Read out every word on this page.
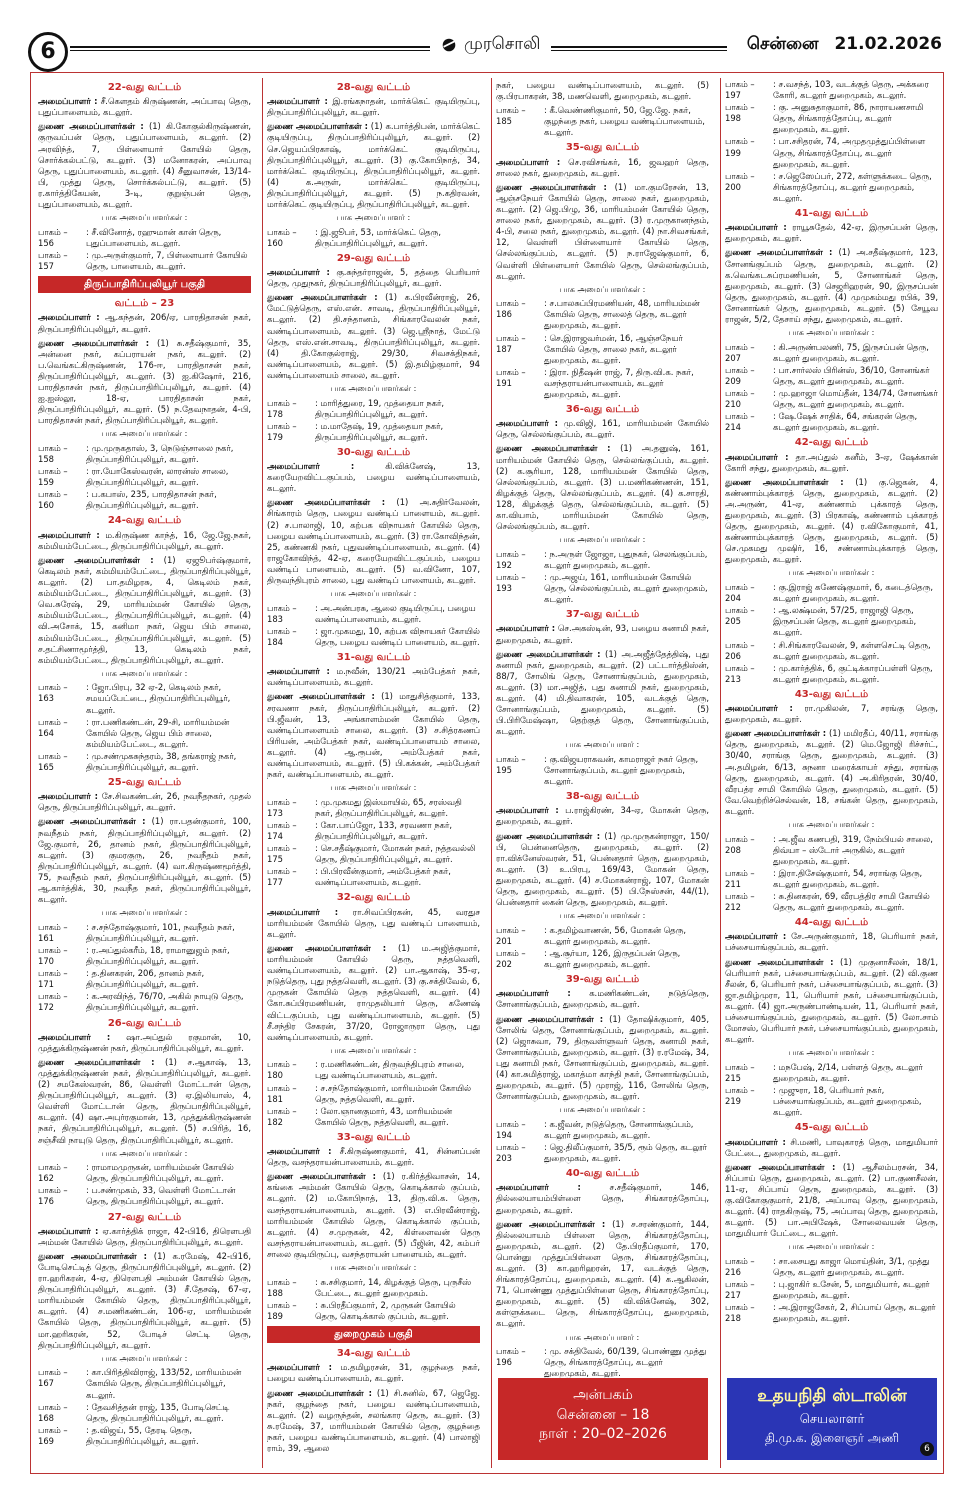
6	முரசொலி	சென்னை 21.02.2026
22-வது வட்டம்
அமைப்பாளர் : சீ.கௌதம் கிருஷ்ணன், அப்பாவு தெரு, புதுப்பாளையம், கடலூர்.
துணை அமைப்பாளர்கள் : (1) கி.கோகுல்கிருஷ்ணன், குருவப்பன் தெரு, புதுப்பாளையம், கடலூர். (2) அரவிந்த், 7, பிள்ளையார் கோயில் தெரு, சொர்க்கல்பட்டு, கடலூர். (3) மனோகரன், அப்பாவு தெரு, புதுப்பாளையம், கடலூர். (4) சீனுவாசன், 13/14-பி, முத்து தெரு, சொர்க்கல்பட்டு, கடலூர். (5) ர.கார்த்திகேயன், 3-டி, குறுஞ்பன் தெரு, புதுப்பாளையம், கடலூர்.
பாக அமைப்பாளர்கள் :
பாகம் – 156
: சீ.வினோத், ரஹுமான் கான் தெரு, புதுப்பாளையம், கடலூர்.
பாகம் – 157
: மு.அருள்குமார், 7, பிள்ளையார் கோயில் தெரு, பாளையம், கடலூர்.
திருப்பாதிரிப்புலியூர் பகுதி
வட்டம் – 23
அமைப்பாளர் : ஆ.கந்தன், 206/ஏ, பாரதிதாசன் நகர், திருப்பாதிரிப்புலியூர், கடலூர்.
துணை அமைப்பாளர்கள் : (1) சு.சதீஷ்குமார், 35, அன்னை நகர், கப்பராயன் நகர், கடலூர். (2) ப.வெங்கட்கிருஷ்ணன், 176-ஈ, பாரதிதாசன் நகர், திருப்பாதிரிப்புலியூர், கடலூர். (3) ஐ.கிஷோர், 216, பாரதிதாசன் நகர், திருப்பாதிரிப்புலியூர், கடலூர். (4) ஐ.ஐஸ்லூ, 18-ஏ, பாரதிதாசன் நகர், திருப்பாதிரிப்புலியூர், கடலூர். (5) ந.தேவநாதன், 4-பி, பாரதிதாசன் நகர், திருப்பாதிரிப்புலியூர், கடலூர்.
பாக அமைப்பாளர்கள் :
பாகம் – 158
: மு.முருகதாஸ், 3, நெடுஞ்சாலை நகர், திருப்பாதிரிப்புலியூர், கடலூர்.
பாகம் – 159
: ரா.யோகேஸ்வரன், லாரன்ஸ் சாலை, திருப்பாதிரிப்புலியூர், கடலூர்.
பாகம் – 160
: ப.கபாஸ், 235, பாரதிதாசன் நகர், திருப்பாதிரிப்புலியூர், கடலூர்.
24-வது வட்டம்
அமைப்பாளர் : ம.கிருஷ்ண காந்த், 16, ஜே.ஜே.நகர், கம்மியம்பேட்டை, திருப்பாதிரிப்புலியூர், கடலூர்.
துணை அமைப்பாளர்கள் : (1) ஏஜூபர்ஷ்குமார், கெடிலம் நகர், கம்மியம்பேட்டை, திருப்பாதிரிப்புலியூர், கடலூர். (2) பா.தமிழரசு, 4, கெடிலம் நகர், கம்மியம்பேட்டை, திருப்பாதிரிப்புலியூர், கடலூர். (3) வெ.சுரேஷ், 29, மாரியம்மன் கோயில் தெரு, கம்மியம்பேட்டை, திருப்பாதிரிப்புலியூர், கடலூர். (4) வி.அசோக், 15, கனிமா நகர், ஜெய பிம் சாலை, கம்மியம்பேட்டை, திருப்பாதிரிப்புலியூர், கடலூர். (5) ச.தட்சிணாமூர்த்தி, 13, கெடிலம் நகர், கம்மியம்பேட்டை, திருப்பாதிரிப்புலியூர், கடலூர்.
பாக அமைப்பாளர்கள் :
பாகம் – 163
: ஜோ.பிரபு, 32 ஏ-2, கெடிலம் நகர், சமயப்பேட்டை, திருப்பாதிரிப்புலியூர், கடலூர்.
பாகம் – 164
: ரா.பணிகண்டன், 29-சி, மாரியம்மன் கோயில் தெரு, ஜெய பிம் சாலை, கம்மியம்பேட்டை, கடலூர்.
பாகம் – 165
: மு.சண்முகசுந்தரம், 38, தங்கராஜ் நகர், திருப்பாதிரிப்புலியூர், கடலூர்.
25-வது வட்டம்
அமைப்பாளர் : சே.சிவகண்டன், 26, நவநீதநகர், முதல் தெரு, திருப்பாதிரிப்புலியூர், கடலூர்.
துணை அமைப்பாளர்கள் : (1) ரா.பதன்குமார், 100, நவநீதம் நகர், திருப்பாதிரிப்புலியூர், கடலூர். (2) ஜே.குமார், 26, தானம் நகர், திருப்பாதிரிப்புலியூர், கடலூர். (3) குமரகுரு, 26, நவநீதம் நகர், திருப்பாதிரிப்புலியூர், கடலூர். (4) வா.கிருஷ்ணமூர்த்தி, 75, நவநீதம் நகர், திருப்பாதிரிப்புலியூர், கடலூர். (5) ஆ.கார்த்திக், 30, நவநீத நகர், திருப்பாதிரிப்புலியூர், கடலூர்.
பாக அமைப்பாளர்கள் :
பாகம் – 161
: ச.சந்தோஷ்குமார், 101, நவநீதம் நகர், திருப்பாதிரிப்புலியூர், கடலூர்.
பாகம் – 170
: ர.அப்துல்கரீம், 18, ராமானுஜம் நகர், திருப்பாதிரிப்புலியூர், கடலூர்.
பாகம் – 171
: த.தினகரன், 206, தானம் நகர், திருப்பாதிரிப்புலியூர், கடலூர்.
பாகம் – 172
: க.அரவிந்த், 76/70, அகில் நாயுடு தெரு, திருப்பாதிரிப்புலியூர், கடலூர்.
26-வது வட்டம்
அமைப்பாளர் : ஷா.அப்துல் ரகுமான், 10, முத்துக்கிருஷ்ணன் நகர், திருப்பாதிரிப்புலியூர், கடலூர்.
துணை அமைப்பாளர்கள் : (1) ச.ஆகாஷ், 13, முத்துக்கிருஷ்ணன் நகர், திருப்பாதிரிப்புலியூர், கடலூர். (2) சமகேஸ்வரன், 86, வெள்ளி மோட்டான் தெரு, திருப்பாதிரிப்புலியூர், கடலூர். (3) ஏ.இலியாஸ், 4, வெள்ளி மோட்டான் தெரு, திருப்பாதிரிப்புலியூர், கடலூர். (4) ஷா.அபுர்ரகுமான், 13, முத்துக்கிருஷ்ணன் நகர், திருப்பாதிரிப்புலியூர், கடலூர். (5) ச.பிரித், 16, சஞ்சீவி நாயுடு தெரு, திருப்பாதிரிப்புலியூர், கடலூர்.
பாக அமைப்பாளர்கள் :
பாகம் – 162
: ராமாமமுருகன், மாரியம்மன் கோயில் தெரு, திருப்பாதிரிப்புலியூர், கடலூர்.
பாகம் – 176
: ப.சண்முகம், 33, வெள்ளி மோட்டான் தெரு, திருப்பாதிரிப்புலியூர், கடலூர்.
27-வது வட்டம்
அமைப்பாளர் : ஏ.கார்த்திக் ராஜா, 42-பி16, திரௌபதி அம்மன் கோயில் தெரு, திருப்பாதிரிப்புலியூர், கடலூர்.
துணை அமைப்பாளர்கள் : (1) க.ரமேஷ், 42-பி16, போடிசெட்டித் தெரு, திருப்பாதிரிப்புலியூர், கடலூர். (2) ரா.ஹரிகரன், 4-ஏ, திரௌபதி அம்மன் கோயில் தெரு, திருப்பாதிரிப்புலியூர், கடலூர். (3) சீ.தேசஷ், 67-ஏ, மாரியம்மன் கோயில் தெரு, திருப்பாதிரிப்புலியூர், கடலூர். (4) ச.மணிகண்டன், 106-ஏ, மாரியம்மன் கோயில் தெரு, திருப்பாதிரிப்புலியூர், கடலூர். (5) மா.ஹரிகரன், 52, போடிச் செட்டி தெரு, திருப்பாதிரிப்புலியூர், கடலூர்.
பாக அமைப்பாளர்கள் :
பாகம் – 167
: கா.பிரித்திவிராஜ், 133/52, மாரியம்மன் கோயில் தெரு, திருப்பாதிரிப்புலியூர், கடலூர்.
பாகம் – 168
: தேவசித்தன் ராஜ், 135, போடிசெட்டி தெரு, திருப்பாதிரிப்புலியூர், கடலூர்.
பாகம் – 169
: த.விஜய், 55, தேரடி தெரு, திருப்பாதிரிப்புலியூர், கடலூர்.
28-வது வட்டம்
அமைப்பாளர் : இ.ரங்கநாதன், மார்க்கெட் குடியிருப்பு, திருப்பாதிரிப்புலியூர், கடலூர்.
துணை அமைப்பாளர்கள் : (1) க.பார்த்திபன், மார்க்கெட் குடியிருப்பு, திருப்பாதிரிப்புலியூர், கடலூர். (2) செ.ஜெயப்பிரகாஷ், மார்க்கெட் குடியிருப்பு, திருப்பாதிரிப்புலியூர், கடலூர். (3) கு.கோபிநாத், 34, மார்க்கெட் குடியிருப்பு, திருப்பாதிரிப்புலியூர், கடலூர். (4) க.அருள், மார்க்கெட் குடியிருப்பு, திருப்பாதிரிப்புலியூர், கடலூர். (5) ந.கதிரவன், மார்க்கெட் குடியிருப்பு, திருப்பாதிரிப்புலியூர், கடலூர்.
பாக அமைப்பாளர் :
பாகம் – 160
: இ.ஜூபர், 53, மார்க்கெட் தெரு, திருப்பாதிரிப்புலியூர், கடலூர்.
29-வது வட்டம்
அமைப்பாளர் : கு.சுந்தர்ராஜன், 5, தத்தை பெரியார் தெரு, முதுநகர், திருப்பாதிரிப்புலியூர், கடலூர்.
துணை அமைப்பாளர்கள் : (1) க.பிரவீன்ராஜ், 26, மேட்டுத்தெரு, எஸ்.என். சாவடி, திருப்பாதிரிப்புலியூர், கடலூர். (2) தி.சந்தானம், சிங்காரவேலன் நகர், வண்டிப்பாளையம், கடலூர். (3) ஜெ.ஶ்ரீநாத், மேட்டு தெரு, எஸ்.என்.சாவடி, திருப்பாதிரிப்புலியூர், கடலூர். (4) தி.கோகுல்ராஜ், 29/30, சிவசக்திநகர், வண்டிப்பாளையம், கடலூர். (5) இ.தமிழ்குமார், 94 வண்டிப்பாளையம் சாலை, கடலூர்.
பாக அமைப்பாளர்கள் :
பாகம் – 178
: மாரித்துரை, 19, முத்தையா நகர், திருப்பாதிரிப்புலியூர், கடலூர்.
பாகம் – 179
: ம.மாதேஷ், 19, முத்தையா நகர், திருப்பாதிரிப்புலியூர், கடலூர்.
30-வது வட்டம்
அமைப்பாளர் :	கி.விக்னேஷ், 13, கரையேறவிட்டகுப்பம், பழைய வண்டிப்பாளையம், கடலூர்.
துணை அமைப்பாளர்கள் : (1) அ.சுதிர்வேலன், சிங்காரம் தெரு, பழைய வண்டிப் பாளையம், கடலூர். (2) ச.பாலாஜி, 10, கற்பக விநாயகர் கோயில் தெரு, பழைய வண்டிப்பாளையம், கடலூர். (3) ரா.கோவிந்தன், 25, கண்ணகி நகர், புதுவண்டிப்பாளையம், கடலூர். (4) ராஜகோவிந்த், 42-ஏ, கரையேறவிட்டகுப்பம், பழைய வண்டிப் பாளையம், கடலூர். (5) வ.வினோ, 107, திருவந்திபுரம் சாலை, புது வண்டிப் பாளையம், கடலூர்.
பாக அமைப்பாளர்கள் :
பாகம் – 183
: அ.அன்பரசு, ஆலை குடியிருப்பு, பழைய வண்டிப்பாளையம், கடலூர்.
பாகம் – 184
: ஜா.முகமது, 10, கற்பக விநாயகர் கோயில் தெரு, பழைய வண்டிப் பாளையம், கடலூர்.
31-வது வட்டம்
அமைப்பாளர் : ம.நவீன், 130/21 அம்பேத்கர் நகர், வண்டிப்பாளையம், கடலூர்.
துணை அமைப்பாளர்கள் : (1) மாதுசித்குமார், 133, சரவணா நகர், திருப்பாதிரிப்புலியூர், கடலூர். (2) பி.ஜீவன், 13, அங்காளம்மன் கோயில் தெரு, வண்டிப்பாளையம் சாலை, கடலூர். (3) ச.சித்ரகணப் பிரியன், அம்பேத்கர் நகர், வண்டிப்பாளையம் சாலை, கடலூர். (4) ஆ.ரூபன், அம்பேத்கர் நகர், வண்டிப்பாளையம், கடலூர். (5) பி.கக்கன், அம்பேத்கர் நகர், வண்டிப்பாளையம், கடலூர்.
பாக அமைப்பாளர்கள் :
பாகம் – 173
: மு.முகமது இஸ்மாயில், 65, சரஸ்வதி நகர், திருப்பாதிரிப்புலியூர், கடலூர்.
பாகம் – 174
: கோ.பாப்ஜோ, 133, சரவணா நகர், திருப்பாதிரிப்புலியூர், கடலூர்.
பாகம் – 175
: செ.சதீஷ்குமார், மோகன் நகர், நத்தவல்லி தெரு, திருப்பாதிரிப்புலியூர், கடலூர்.
பாகம் – 177
: பி.பிரவீன்குமார், அம்பேத்கர் நகர், வண்டிப்பாளையம், கடலூர்.
32-வது வட்டம்
அமைப்பாளர் : ரா.சிவப்பிரகன், 45, வரதுச மாரியம்மன் கோயில் தெரு, புது வண்டிப் பாளையம், கடலூர்.
துணை அமைப்பாளர்கள் : (1) ம.அஜித்குமார், மாரியம்மன் கோயில் தெரு, நத்தவெளி, வண்டிப்பாளையம், கடலூர். (2) பா.ஆகாஷ், 35-ஏ, நடுத்தெரு, புது நத்தவெளி, கடலூர். (3) கு.சக்திவேல், 6, முருகன் கோயில் தெரு நத்தவெளி, கடலூர். (4) கோ.சுப்பிரமணியன், ராமுதலியார் தெரு, கணேஷ் விட்டகுப்பம், புது வண்டிப்பாளையம், கடலூர். (5) சீ.சந்திர சேகரன், 37/20, ரோஜாருரா தெரு, புது வண்டிப்பாளையம், கடலூர்.
பாக அமைப்பாளர்கள் :
பாகம் – 180
: ர.மணிகண்டன், திருவந்திபுரம் சாலை, புது வண்டிப்பாளையம், கடலூர்.
பாகம் – 181
: ச.சந்தோஷ்குமார், மாரியம்மன் கோயில் தெரு, நத்தவெளி, கடலூர்.
பாகம் – 182
: லோ.ஞானகுமார், 43, மாரியம்மன் கோயில் தெரு, நத்தவெளி, கடலூர்.
33-வது வட்டம்
அமைப்பாளர் : சீ.கிருஷ்ணகுமார், 41, சின்னப்பன் தெரு, வசந்தராயன்பாளையம், கடலூர்.
துணை அமைப்பாளர்கள் : (1) ர.கிர்த்திவாசன், 14, கங்கை அம்மன் கோயில் தெரு, கொடிக்கால் குப்பம், கடலூர். (2) ம.கோபிநாத், 13, திரு.வி.க. தெரு, வசந்தராயன்பாளையம், கடலூர். (3) எ.பிரவீன்ராஜ், மாரியம்மன் கோயில் தெரு, கொடிக்கால் குப்பம், கடலூர். (4) ச.முருகன், 42, கிள்ளைவன் தெரு வசந்தராயன்பாளையம், கடலூர். (5) பீஜின், 42, கம்பர் சாலை குடியிருப்பு, வசந்தராயன் பாளையம், கடலூர்.
பாக அமைப்பாளர்கள் :
பாகம் – 188
: சு.சசிகுமார், 14, கிழக்குத் தெரு, புருசீஸ் பேட்டை, கடலூர் துறைமுகம்.
பாகம் – 189
: சு.பிரதீப்குமார், 2, முருகன் கோயில் தெரு, கொடிக்கால் குப்பம், கடலூர்.
துறைமுகம் பகுதி
34-வது வட்டம்
அமைப்பாளர் : ம.தமிழரசன், 31, குழந்தை நகர், பழைய வண்டிப்பாளையம், கடலூர்.
துணை அமைப்பாளர்கள் : (1) சி.சுனில், 67, ஜெஜே. நகர், குழந்தை நகர், பழைய வண்டிப்பாளையம், கடலூர். (2) வழருந்தன், சலங்கார தெரு, கடலூர். (3) சு.ரமேஷ், 37, மாரியம்மன் கோயில் தெரு, குழந்தை நகர், பழைய வண்டிப்பாளையம், கடலூர். (4) பாலாஜி ராம், 39, ஆலை
நகர், பழைய வண்டிப்பாளையம், கடலூர். (5) கு.பிரபாகரன், 38, மணவெளி, துறைமுகம், கடலூர்.
பாகம் – 185
: கீ.வெண்ணிகுமார், 50, ஜே.ஜே. நகர், குழந்தை நகர், பழைய வண்டிப்பாளையம், கடலூர்.
35-வது வட்டம்
அமைப்பாளர் : செ.ரவிசங்கர், 16, ஜவஹர் தெரு, சாலை நகர், துறைமுகம், கடலூர்.
துணை அமைப்பாளர்கள் : (1) மா.குமரேசன், 13, ஆஞ்சநேயர் கோயில் தெரு, சாலை நகர், துறைமுகம், கடலூர். (2) ஜெ.பிழு, 36, மாரியம்மன் கோயில் தெரு, சாலை நகர், துறைமுகம், கடலூர். (3) ர.முருகானந்தம், 4-பி, சலை நகர், துறைமுகம், கடலூர். (4) நா.சிவசங்கர், 12, வெள்ளி பிள்ளையார் கோயில் தெரு, செல்லங்குப்பம், கடலூர். (5) ந.ராஜேஷ்குமார், 6, வெள்ளி பிள்ளையார் கோயில் தெரு, செல்லங்குப்பம், கடலூர்.
பாக அமைப்பாளர்கள் :
பாகம் – 186
: ச.பாலசுப்பிரமணியன், 48, மாரியம்மன் கோயில் தெரு, சாலைத் தெரு, கடலூர் துறைமுகம், கடலூர்.
பாகம் – 187
: செ.இராஜவர்மன், 16, ஆஞ்சநேயர் கோயில் தெரு, சாலை நகர், கடலூர் துறைமுகம், கடலூர்.
பாகம் – 191
: இரா. நிதீஷன் ராஜ், 7, திரு.வி.க. நகர், வசந்தராயன்பாளையம், கடலூர் துறைமுகம், கடலூர்.
36-வது வட்டம்
அமைப்பாளர் : மு.விஜி, 161, மாரியம்மன் கோயில் தெரு, செல்லங்குப்பம், கடலூர்.
துணை அமைப்பாளர்கள் : (1) அ.தனுஷ், 161, மாரியம்மன் கோயில் தெரு, செல்லங்குப்பம், கடலூர். (2) க.சூரியா, 128, மாரியம்மன் கோயில் தெரு, செல்லங்குப்பம், கடலூர். (3) ப.மணிகண்ணன், 151, கிழக்குத் தெரு, செல்லங்குப்பம், கடலூர். (4) க.சாரதி, 128, கிழக்குத் தெரு, செல்லங்குப்பம், கடலூர். (5) கா.வியாம், மாரியம்மன் கோயில் தெரு, செல்லங்குப்பம், கடலூர்.
பாக அமைப்பாளர்கள் :
பாகம் – 192
: ந.அருள் ஜோஜா, புதுநகர், செலங்குப்பம், கடலூர் துறைமுகம், கடலூர்.
பாகம் – 193
: மு.அஜய், 161, மாரியம்மன் கோயில் தெரு, செல்லங்குப்பம், கடலூர் துறைமுகம், கடலூர்.
37-வது வட்டம்
அமைப்பாளர் : செ.அகஸ்டின், 93, பழைய சுனாமி நகர், துறைமுகம், கடலூர்.
துணை அமைப்பாளர்கள் : (1) அ.அஜீத்தேத்திஷ், புது சுனாமி நகர், துறைமுகம், கடலூர். (2) பட்டார்த்திஸ்ன், 88/7, சோலிங் தெரு, சோனாங்குப்பம், துறைமுகம், கடலூர். (3) மா.அஜித், புது சுனாமி நகர், துறைமுகம், கடலூர். (4) மி.திவாகரன், 105, வடக்குத் தெரு, சோனாங்குப்பம், துறைமுகம், கடலூர். (5) பி.பிரிமேஷ்ஷா, தெற்குத் தெரு, சோனாங்குப்பம், கடலூர்.
பாக அமைப்பாளர் :
பாகம் – 195
: கு.விஜயராகவன், காமராஜர் நகர் தெரு, சோனாங்குப்பம், கடலூர் துறைமுகம், கடலூர்.
38-வது வட்டம்
அமைப்பாளர் : ப.ராஜ்கிரண், 34-ஏ, மோகன் தெரு, துறைமுகம், கடலூர்.
துணை அமைப்பாளர்கள் : (1) மு.முருகன்ராஜா, 150/பி, பென்னைதெரு, துறைமுகம், கடலூர். (2) ரா.விக்னேஸ்வரன், 51, பென்னதார் தெரு, துறைமுகம், கடலூர். (3) உ.பிரபு, 169/43, மோகன் தெரு, துறைமுகம், கடலூர். (4) ச.மோகன்ராஜ், 107, மோகன் தெரு, துறைமுகம், கடலூர். (5) பி.நேஸ்சன், 44/(1), பென்னதார் கைன் தெரு, துறைமுகம், கடலூர்.
பாக அமைப்பாளர்கள் :
பாகம் – 201
: க.தமிழ்வாணன், 56, மோகன் தெரு, கடலூர் துறைமுகம், கடலூர்.
பாகம் – 202
: ஆ.சூர்யா, 126, இருதப்பன் தெரு, கடலூர் துறைமுகம், கடலூர்.
39-வது வட்டம்
அமைப்பாளர் : க.மணிகண்டன், நடுத்தெரு, சோனாங்குப்பம், துறைமுகம், கடலூர்.
துணை அமைப்பாளர்கள் : (1) தோஷிக்குமார், 405, சோலிங் தெரு, சோனாங்குப்பம், துறைமுகம், கடலூர். (2) ஜொசுவா, 79, திருவள்ளுவர் தெரு, சுனாமி நகர், சோனாங்குப்பம், துறைமுகம், கடலூர். (3) ர.ரமேஷ், 34, புது சுனாமி நகர், சோனாங்குப்பம், துறைமுகம், கடலூர். (4) கா.சுமித்ராஜ், மகாத்மா காந்தி நகர், சோனாங்குப்பம், துறைமுகம், கடலூர். (5) முராஜ், 116, சோலிங் தெரு, சோனாங்குப்பம், துறைமுகம், கடலூர்.
பாக அமைப்பாளர்கள் :
பாகம் – 194
: க.ஜீவன், நடுத்தெரு, சோனாங்குப்பம், கடலூர் துறைமுகம், கடலூர்.
பாகம் – 203
: ஜெ.திலீப்குமார், 35/5, ரூம் தெரு, கடலூர் துறைமுகம், கடலூர்.
40-வது வட்டம்
அமைப்பாளர் :	ச.சதீஷ்குமார், 146, தில்லையாயம்பிள்ளை தெரு, சிங்காரத்தோப்பு, துறைமுகம், கடலூர்.
துணை அமைப்பாளர்கள் : (1) ச.சரண்குமார், 144, தில்லையாயம் பிள்ளை தெரு, சிங்காரத்தோப்பு, துறைமுகம், கடலூர். (2) தே.பிரதீப்குமார், 170, பொன்னு முத்துப்பிள்ளை தெரு, சிங்காரத்தோப்பு, கடலூர். (3) கா.ஹரிஹரன், 17, வடக்குத் தெரு, சிங்காரத்தோப்பு, துறைமுகம், கடலூர். (4) க.ஆகிலன், 71, பொண்ணு முத்துப்பிள்ளை தெரு, சிங்காரத்தோப்பு, துறைமுகம், கடலூர். (5) வி.விக்னேஷ், 302, கள்ளுக்கடை தெரு, சிங்காரத்தோப்பு, துறைமுகம், கடலூர்.
பாக அமைப்பாளர் :
பாகம் – 196
: மு. சக்திவேல், 60/139, பொண்ணு முத்து தெரு, சிங்காரத்தோப்பு, கடலூர் துறைமுகம், கடலூர்.
பாகம் – 197
: ச.வசந்த், 103, வடக்குத் தெரு, அக்கரை கோரி, கடலூர் துறைமுகம், கடலூர்.
பாகம் – 198
: கு. அனுசுதாகுமார், 86, நாராயணசாமி தெரு, சிங்காரத்தோப்பு, கடலூர் துறைமுகம், கடலூர்.
பாகம் – 199
: பா.சசிதரன், 74, அமுதமுத்துப்பிள்ளை தெரு, சிங்காரத்தோப்பு, கடலூர் துறைமுகம், கடலூர்.
பாகம் – 200
: ச.ஜெஸேப்பர், 272, கள்ளுக்கடை தெரு, சிங்காரத்தோப்பு, கடலூர் துறைமுகம், கடலூர்.
41-வது வட்டம்
அமைப்பாளர் : ராயூசுதேல், 42-ஏ, இருசப்பன் தெரு, துறைமுகம், கடலூர்.
துணை அமைப்பாளர்கள் : (1) அ.சதீஷ்குமார், 123, சோனங்குப்பம் தெரு, துறைமுகம், கடலூர். (2) க.வெங்கடசுப்ரமணியன், 5, சோனாங்கர் தெரு, துறைமுகம், கடலூர். (3) செஜரிஹரன், 90, இருசப்பன் தெரு, துறைமுகம், கடலூர். (4) முமுகம்மது ரபிக், 39, சோனாங்கர் தெரு, துறைமுகம், கடலூர். (5) சேயூவ ராஜன், 5/2, தேசாய் சந்து, துறைமுகம், கடலூர்.
பாக அமைப்பாளர்கள் :
பாகம் – 207
: கி.அருண்பலணி, 75, இருசப்பன் தெரு, கடலூர் துறைமுகம், கடலூர்.
பாகம் – 209
: பா.சார்லஸ் பிரின்ஸ், 36/10, சோனங்கர் தெரு, கடலூர் துறைமுகம், கடலூர்.
பாகம் – 210
: மு.ஹாஜா மொய்தீன், 134/74, சோனங்கர் தெரு, கடலூர் துறைமுகம், கடலூர்.
பாகம் – 214
: ஷே.ஷேக் சாதிக், 64, சங்கரன் தெரு, கடலூர் துறைமுகம், கடலூர்.
42-வது வட்டம்
அமைப்பாளர் : தா.அப்துல் கனீம், 3-ஏ, ஷேக்கான் கோரி சந்து, துறைமுகம், கடலூர்.
துணை அமைப்பாளர்கள் : (1) கு.ஜெகன், 4, கண்ணாம்புக்காரத் தெரு, துறைமுகம், கடலூர். (2) அ.அருண், 41-ஏ, கண்ணாம் புக்காரத் தெரு, துறைமுகம், கடலூர். (3) பிரகாஷ், கண்ணாம் புக்காரத் தெரு, துறைமுகம், கடலூர். (4) ர.விகோகுமார், 41, கண்ணாம்புக்காரத் தெரு, துறைமுகம், கடலூர். (5) செ.முகமது முஷிர், 16, சண்ணாம்புக்காரத் தெரு, துறைமுகம், கடலூர்.
பாக அமைப்பாளர்கள் :
பாகம் – 204
: கு.இராஜ் கணேஷ்குமார், 6, கடைத்தெரு, கடலூர் துறைமுகம், கடலூர்.
பாகம் – 205
: ஆ.லக்ஷ்மன், 57/25, ராஜாஜி தெரு, இருசப்பன் தெரு, கடலூர் துறைமுகம், கடலூர்.
பாகம் – 206
: சி.சிங்காரவேலன், 9, கள்ளசெட்டி தெரு, கடலூர் துறைமுகம், கடலூர்.
பாகம் – 213
: மு.கார்த்திக், 6, குட்டிக்காரப்பள்ளி தெரு, கடலூர் துறைமுகம், கடலூர்.
43-வது வட்டம்
அமைப்பாளர் : ரா.முகிலன், 7, சரங்கு தெரு, துறைமுகம், கடலூர்.
துணை அமைப்பாளர்கள் : (1) மமிரதீப், 40/11, சராங்கு தெரு, துறைமுகம், கடலூர். (2) மெ.ஜோஜி ரிச்சர்ட், 30/40, சராங்கு தெரு, துறைமுகம், கடலூர். (3) அ.தமிழன், 6/13, சுநனா மரைக்காயர் சந்து, சராங்கு தெரு, துறைமுகம், கடலூர். (4) அ.கிரிதரன், 30/40, வீரபத்ர சாமி கோயில் தெரு, துறைமுகம், கடலூர். (5) வே.வெற்றிச்செல்வன், 18, சங்கன் தெரு, துறைமுகம், கடலூர்.
பாக அமைப்பாளர்கள் :
பாகம் – 208
: அ.ஜீவ கணபதி, 319, நேம்பியல் சாலை, திவ்யா – ஸ்டோர் அருகில், கடலூர் துறைமுகம், கடலூர்.
பாகம் – 211
: இரா.திசேஷ்குமார், 54, சராங்கு தெரு, கடலூர் துறைமுகம், கடலூர்.
பாகம் – 212
: சு.தினகரன், 69, வீரபத்திர சாமி கோயில் தெரு, கடலூர் துறைமுகம், கடலூர்.
44-வது வட்டம்
அமைப்பாளர் : சே.அருண்குமார், 18, பெரியார் நகர், பச்சையாங்குப்பம், கடலூர்.
துணை அமைப்பாளர்கள் : (1) முகுனாசீலன், 18/1, பெரியார் நகர், பச்சையாங்குப்பம், கடலூர். (2) வி.குண சீலன், 6, பெரியார் நகர், பச்சையாங்குப்பம், கடலூர். (3) ஜா.தமிழ்முரா, 11, பெரியார் நகர், பச்சையாங்குப்பம், கடலூர். (4) ஜா.அருண்பாண்டியன், 11, பெரியார் நகர், பச்சையாங்குப்பம், துறைமுகம், கடலூர். (5) லோ.சாம் மோசஸ், பெரியார் நகர், பச்சையாங்குப்பம், துறைமுகம், கடலூர்.
பாக அமைப்பாளர்கள் :
பாகம் – 215
: மநபேஷ், 2/14, பள்ளத் தெரு, கடலூர் துறைமுகம், கடலூர்.
பாகம் – 219
: முஜுரா, 18, பெரியார் நகர், பச்சையாங்குப்பம், கடலூர் துறைமுகம், கடலூர்.
45-வது வட்டம்
அமைப்பாளர் : சி.மணி, பாவுகாரத் தெரு, மாதுமியார் பேட்டை, துறைமுகம், கடலூர்.
துணை அமைப்பாளர்கள் : (1) ஆசீலம்பரசன், 34, சிப்பாய் தெரு, துறைமுகம், கடலூர். (2) பா.குணசீலன், 11-ஏ, சிப்பாய் தெரு, துறைமுகம், கடலூர். (3) கு.விகோகுகுமார், 21/8, அப்பாவு தெரு, துறைமுகம், கடலூர். (4) ராதகிருஷ், 75, அப்பாவு தெரு, துறைமுகம், கடலூர். (5) பா.அபிஷேக், சோலைவயன் தெரு, மாதுமியார் பேட்டை, கடலூர்.
பாக அமைப்பாளர்கள் :
பாகம் – 216
: சா.சையது காஜா மொய்தின், 3/1, முத்து தெரு, கடலூர் துறைமுகம், கடலூர்.
பாகம் – 217
: பு.ஜாகிர் உசேன், 5, மாதுமியார், கடலூர் துறைமுகம், கடலூர்.
பாகம் – 218
: அ.இராஜசேகர், 2, சிப்பாய் தெரு, கடலூர் துறைமுகம், கடலூர்.
அன்பகம்
சென்னை – 18
நாள் : 20–02–2026
உதயநிதி ஸ்டாலின்
செயலாளர்
தி.மு.க. இளைஞர் அணி
6
